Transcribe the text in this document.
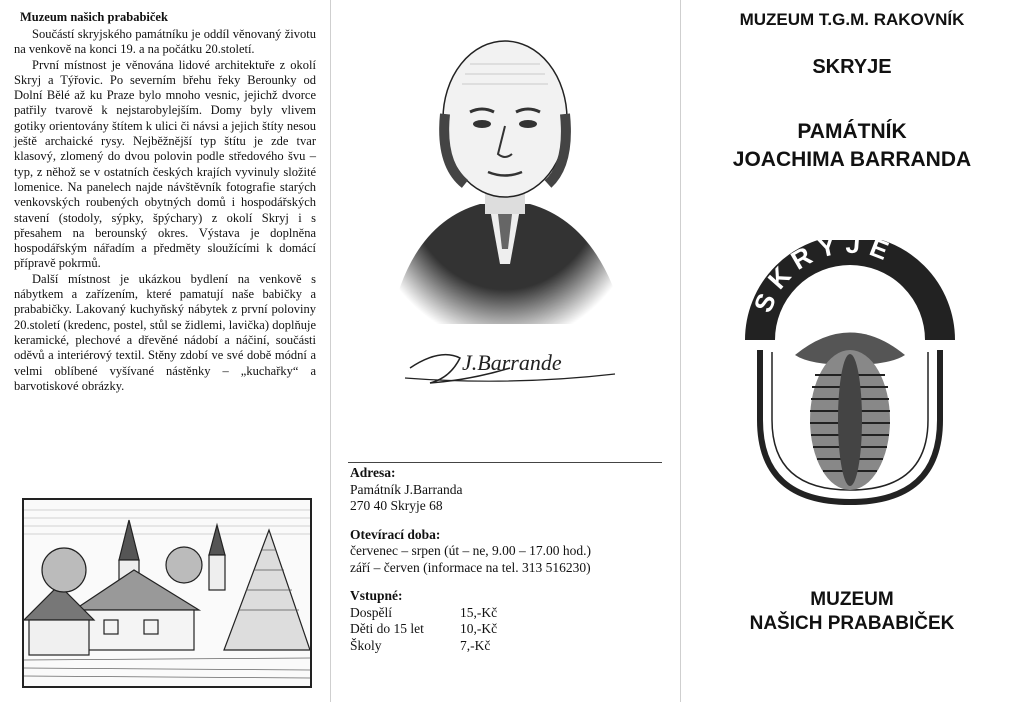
Muzeum našich prababiček

Součástí skryjského památníku je oddíl věnovaný životu na venkově na konci 19. a na počátku 20.století.

První místnost je věnována lidové architektuře z okolí Skryj a Týřovic. Po severním břehu řeky Berounky od Dolní Bělé až ku Praze bylo mnoho vesnic, jejichž dvorce patřily tvarově k nejstarobylejším. Domy byly vlivem gotiky orientovány štítem k ulici či návsi a jejich štíty nesou ještě archaické rysy. Nejběžnější typ štítu je zde tvar klasový, zlomený do dvou polovin podle středového švu – typ, z něhož se v ostatních českých krajích vyvinuly složité lomenice. Na panelech najde návštěvník fotografie starých venkovských roubených obytných domů i hospodářských stavení (stodoly, sýpky, špýchary) z okolí Skryj i s přesahem na berounský okres. Výstava je doplněna hospodářským nářadím a předměty sloužícími k domácí přípravě pokrmů.

Další místnost je ukázkou bydlení na venkově s nábytkem a zařízením, které pamatují naše babičky a prababičky. Lakovaný kuchyňský nábytek z první poloviny 20.století (kredenc, postel, stůl se židlemi, lavička) doplňuje keramické, plechové a dřevěné nádobí a náčiní, součásti oděvů a interiérový textil. Stěny zdobí ve své době módní a velmi oblíbené vyšívané nástěnky – „kuchařky“ a barvotiskové obrázky.

J.Barrande
Adresa:
Památník J.Barranda
270 40 Skryje 68
Otevírací doba:
červenec – srpen (út – ne, 9.00 – 17.00 hod.)
září – červen (informace na tel. 313 516230)
Vstupné:
Dospělí	15,-Kč
Děti do 15 let	10,-Kč
Školy	7,-Kč
MUZEUM T.G.M. RAKOVNÍK
SKRYJE
PAMÁTNÍK
JOACHIMA BARRANDA
SKRYJE
MUZEUM
NAŠICH PRABABIČEK
